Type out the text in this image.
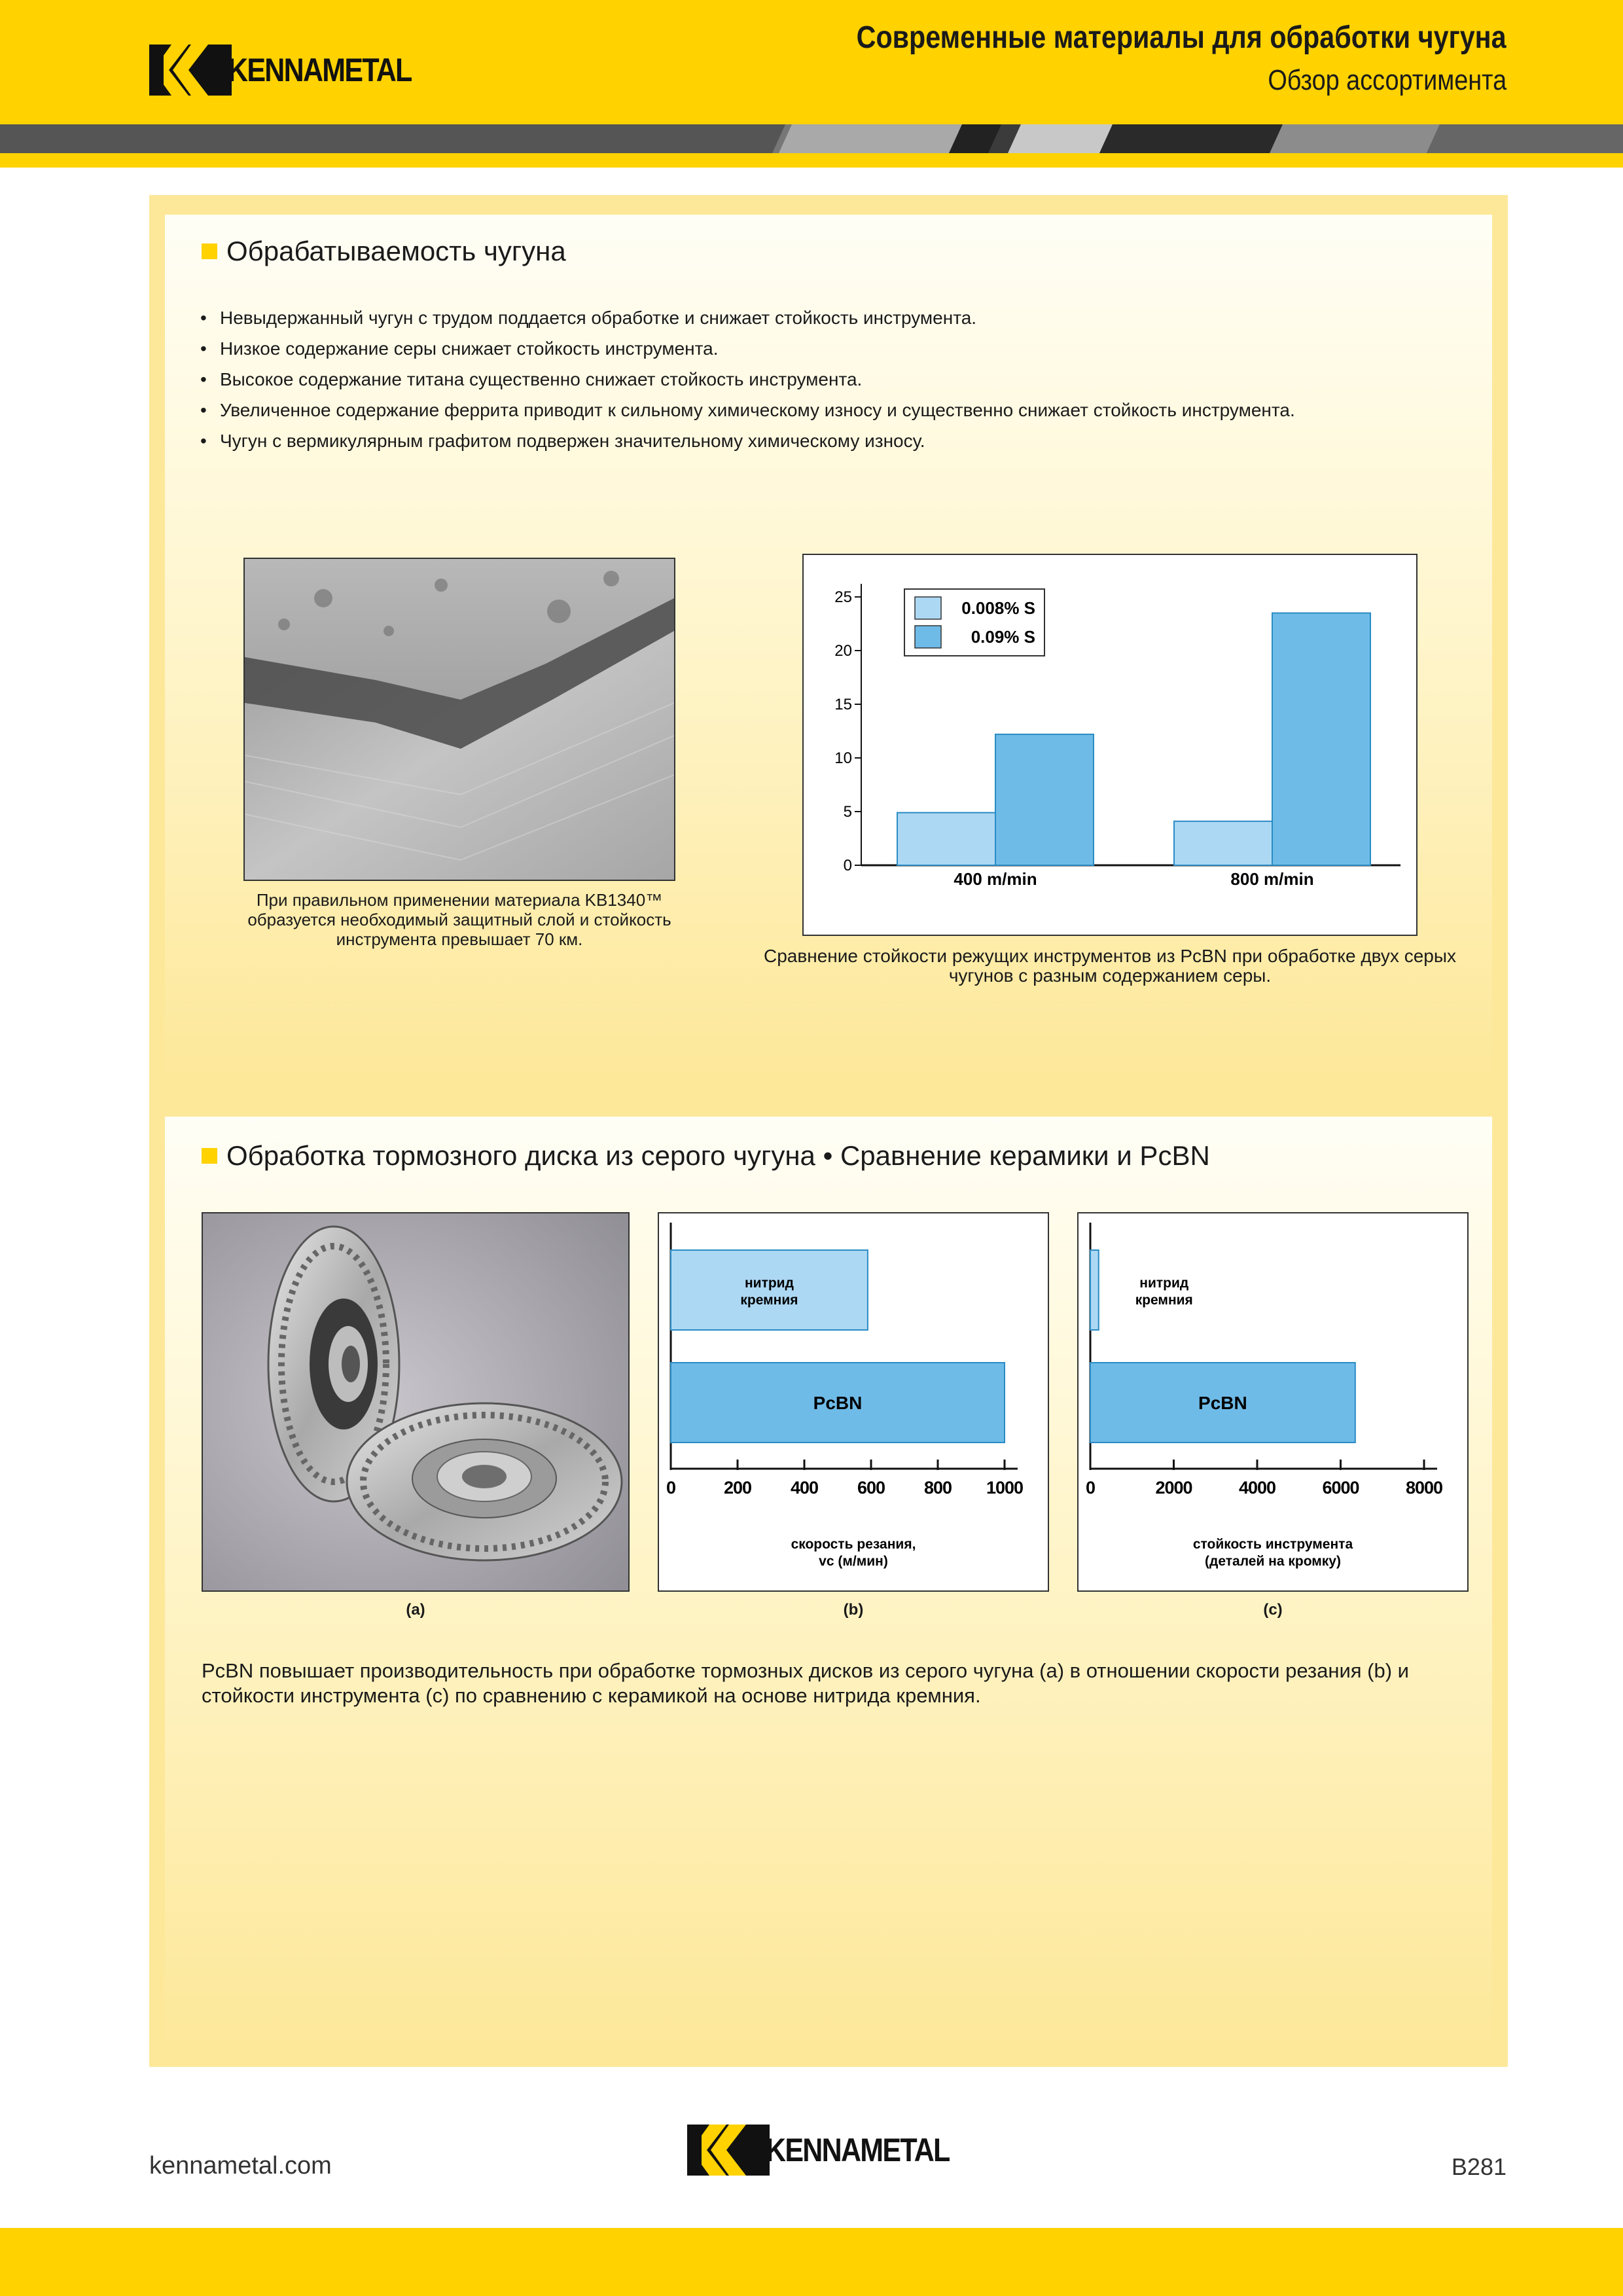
KENNAMETAL
Современные материалы для обработки чугуна
Обзор ассортимента
Обрабатываемость чугуна
• Невыдержанный чугун с трудом поддается обработке и снижает стойкость инструмента.
• Низкое содержание серы снижает стойкость инструмента.
• Высокое содержание титана существенно снижает стойкость инструмента.
• Увеличенное содержание феррита приводит к сильному химическому износу и существенно снижает стойкость инструмента.
• Чугун с вермикулярным графитом подвержен значительному химическому износу.
При правильном применении материала KB1340™ образуется необходимый защитный слой и стойкость инструмента превышает 70 км.
0
5
10
15
20
25
400 m/min	800 m/min
0.008% S
0.09% S
Сравнение стойкости режущих инструментов из PcBN при обработке двух серых чугунов с разным содержанием серы.
Обработка тормозного диска из серого чугуна • Сравнение керамики и PcBN
нитрид
кремния
PcBN
0	200 400 600 800 1000
скорость резания,
vc (м/мин)
нитрид
кремния
PcBN
0	2000	4000	6000	8000
стойкость инструмента
(деталей на кромку)
(a)	(b)	(c)
PcBN повышает производительность при обработке тормозных дисков из серого чугуна (a) в отношении скорости резания (b) и стойкости инструмента (c) по сравнению с керамикой на основе нитрида кремния.
kennametal.com	KENNAMETAL	B281
